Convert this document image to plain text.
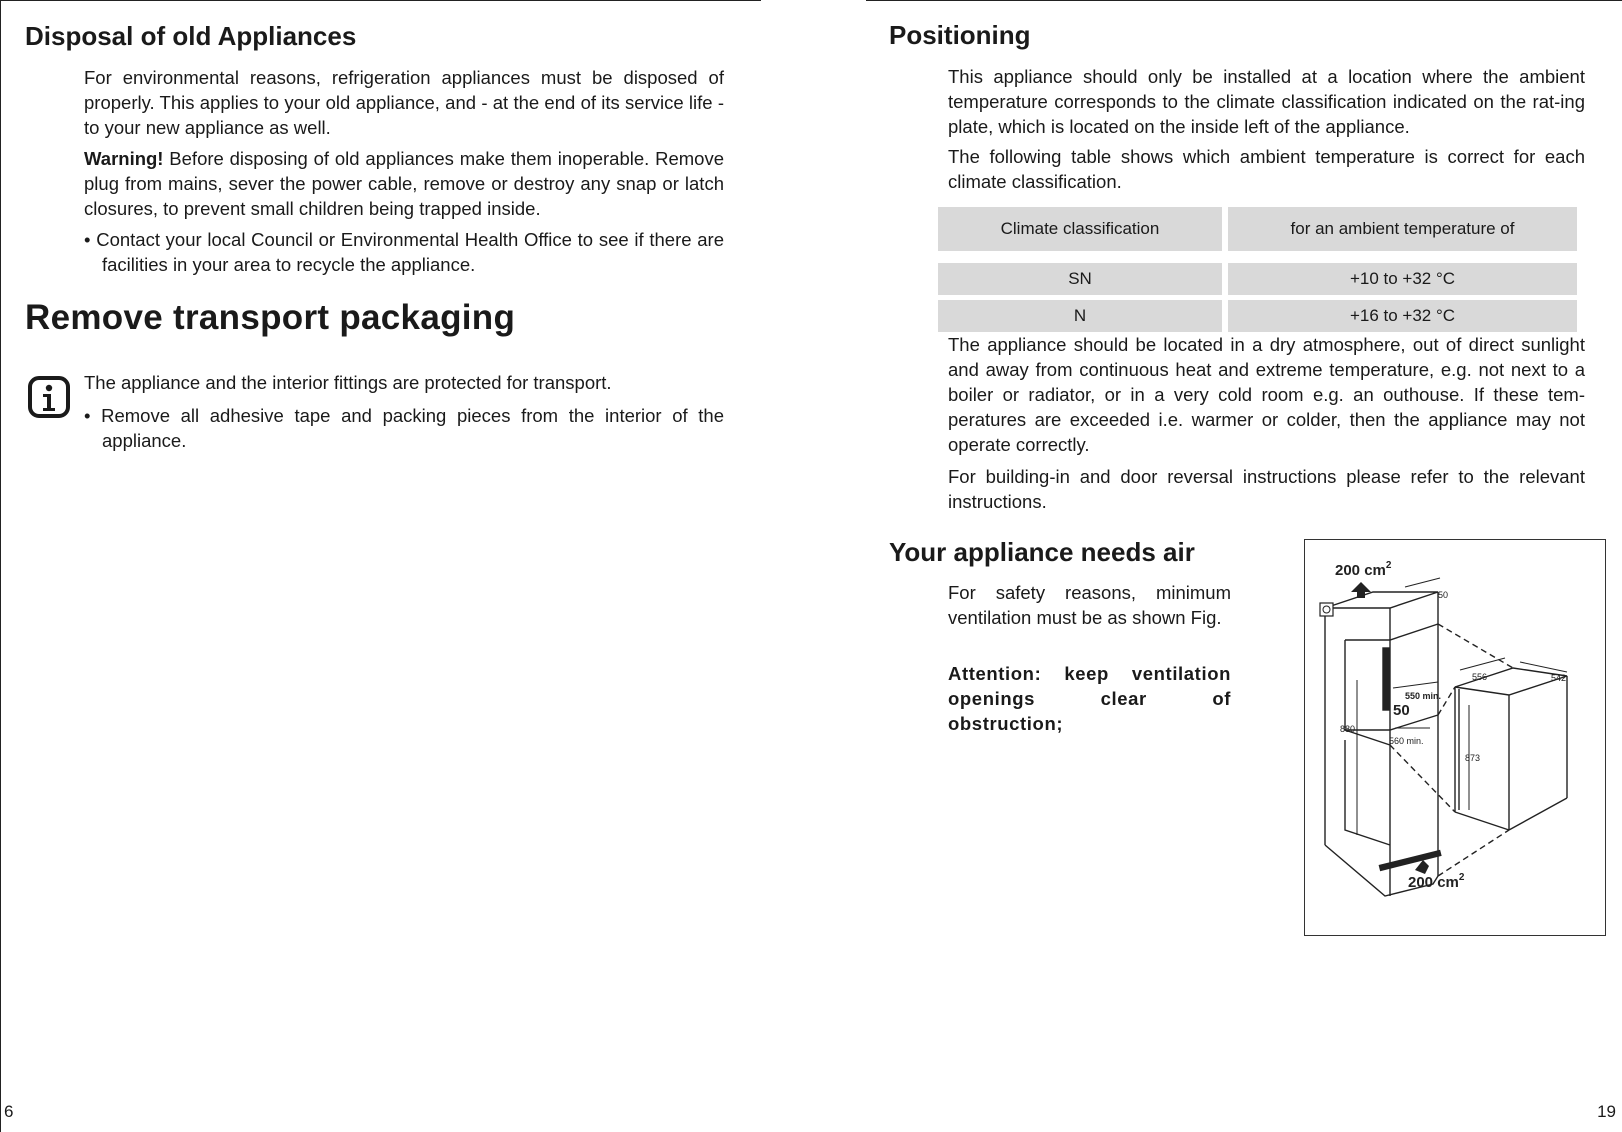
Disposal of old Appliances

For environmental reasons, refrigeration appliances must be disposed of properly. This applies to your old appliance, and - at the end of its service life - to your new appliance as well.

Warning! Before disposing of old appliances make them inoperable. Remove plug from mains, sever the power cable, remove or destroy any snap or latch closures, to prevent small children being trapped inside.

• Contact your local Council or Environmental Health Office to see if there are facilities in your area to recycle the appliance.

Remove transport packaging

The appliance and the interior fittings are protected for transport.

• Remove all adhesive tape and packing pieces from the interior of the appliance.

6	19
Positioning

This appliance should only be installed at a location where the ambient temperature corresponds to the climate classification indicated on the rat-ing plate, which is located on the inside left of the appliance.

The following table shows which ambient temperature is correct for each climate classification.

Climate classification	for an ambient temperature of

SN	+10 to +32 °C
N	+16 to +32 °C

The appliance should be located in a dry atmosphere, out of direct sunlight and away from continuous heat and extreme temperature, e.g. not next to a boiler or radiator, or in a very cold room e.g. an outhouse. If these tem-peratures are exceeded i.e. warmer or colder, then the appliance may not operate correctly.

For building-in and door reversal instructions please refer to the relevant instructions.

Your appliance needs air

For safety reasons, minimum ventilation must be as shown Fig.

Attention: keep ventilation openings clear of obstruction;

200 $cm^2$
200 $cm^2$
50
556	542
550 min.
50
560 min.
880
873
